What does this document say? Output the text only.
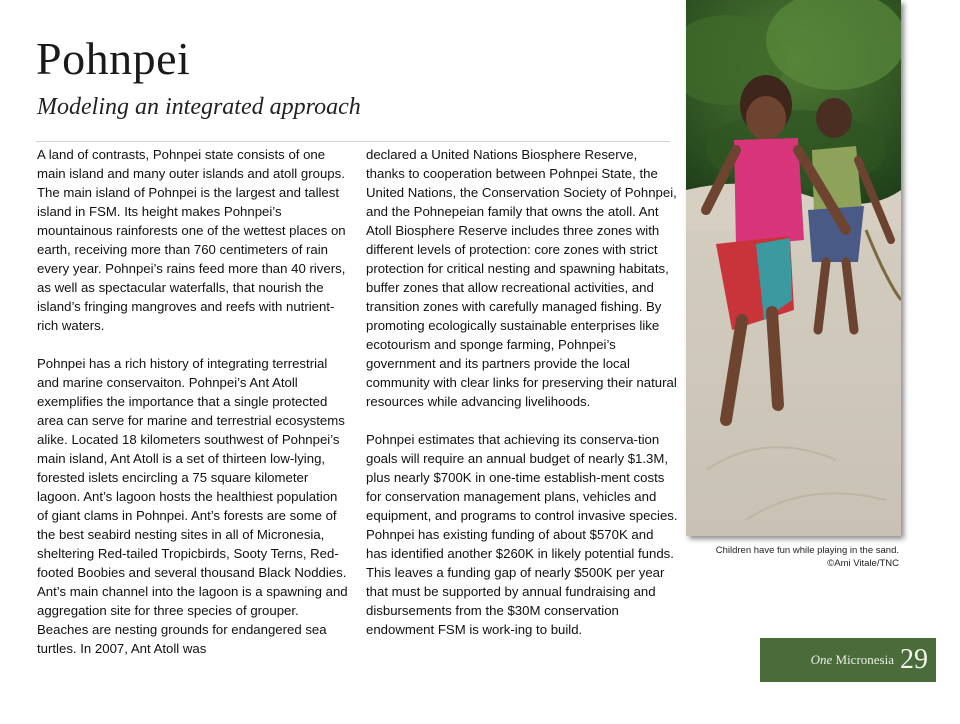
Pohnpei
Modeling an integrated approach

A land of contrasts, Pohnpei state consists of one main island and many outer islands and atoll groups. The main island of Pohnpei is the largest and tallest island in FSM. Its height makes Pohnpei’s mountainous rainforests one of the wettest places on earth, receiving more than 760 centimeters of rain every year. Pohnpei’s rains feed more than 40 rivers, as well as spectacular waterfalls, that nourish the island’s fringing mangroves and reefs with nutrient-rich waters.

Pohnpei has a rich history of integrating terrestrial and marine conservaiton. Pohnpei’s Ant Atoll exemplifies the importance that a single protected area can serve for marine and terrestrial ecosystems alike. Located 18 kilometers southwest of Pohnpei’s main island, Ant Atoll is a set of thirteen low-lying, forested islets encircling a 75 square kilometer lagoon. Ant’s lagoon hosts the healthiest population of giant clams in Pohnpei. Ant’s forests are some of the best seabird nesting sites in all of Micronesia, sheltering Red-tailed Tropicbirds, Sooty Terns, Red-footed Boobies and several thousand Black Noddies. Ant’s main channel into the lagoon is a spawning and aggregation site for three species of grouper. Beaches are nesting grounds for endangered sea turtles. In 2007, Ant Atoll was

declared a United Nations Biosphere Reserve, thanks to cooperation between Pohnpei State, the United Nations, the Conservation Society of Pohnpei, and the Pohnepeian family that owns the atoll. Ant Atoll Biosphere Reserve includes three zones with different levels of protection: core zones with strict protection for critical nesting and spawning habitats, buffer zones that allow recreational activities, and transition zones with carefully managed fishing. By promoting ecologically sustainable enterprises like ecotourism and sponge farming, Pohnpei’s government and its partners provide the local community with clear links for preserving their natural resources while advancing livelihoods.

Pohnpei estimates that achieving its conserva-tion goals will require an annual budget of nearly $1.3M, plus nearly $700K in one-time establish-ment costs for conservation management plans, vehicles and equipment, and programs to control invasive species. Pohnpei has existing funding of about $570K and has identified another $260K in likely potential funds. This leaves a funding gap of nearly $500K per year that must be supported by annual fundraising and disbursements from the $30M conservation endowment FSM is work-ing to build.

Children have fun while playing in the sand.
©Ami Vitale/TNC
One Micronesia 29
